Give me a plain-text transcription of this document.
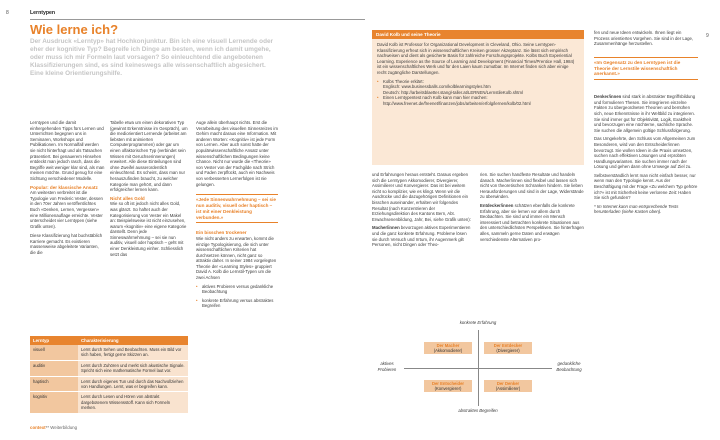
8	Lerntypen
9
Wie lerne ich?
Der Ausdruck «Lerntyp» hat Hochkonjunktur. Bin ich eine visuell Lernende oder eher der kognitive Typ? Begreife ich Dinge am besten, wenn ich damit umgehe, oder muss ich mir Formeln laut vorsagen? So einleuchtend die angebotenen Klassifizierungen sind, es sind keineswegs alle wissenschaftlich abgesichert. Eine kleine Orientierungshilfe.
Lerntypen und die damit einhergehenden Tipps fürs Lernen und Unterrichten begegnen uns in Seminaren, Workshops und Publikationen. Im Normalfall werden sie nicht hinterfragt und als Tatsachen präsentiert. Bei genauerem Hinsehen entdeckt man jedoch rasch, dass die Begriffe weit weniger klar sind, als man meinen möchte. Grund genug für eine Sichtung verschiedener Modelle.
Popular: der klassische Ansatz
Am weitesten verbreitet ist die Typologie von Frederic Vester, dessen in den 70er Jahren veröffentlichtes Buch «Denken, Lernen, Vergessen» eine Millionenauflage erreichte. Vester unterscheidet vier Lerntypen (siehe Grafik unten).
Diese Klassifizierung hat buchstäblich Karriere gemacht. Es existieren massenweise abgeleitete Varianten, die die
Tabelle etwa um einen dekorativen Typ (gewinnt Erkenntnisse im Gespräch), um die mediorientiert Lernende (arbeitet am liebsten mit animierten Computerprogrammen) oder gar um einen olfaktorischen Typ (verbindet sein Wissen mit Geruchserinnerungen) erweitert. Alle diese Einteilungen sind ohne Zweifel ausserordentlich einleuchtend. Es scheint, dass man nur herauszufinden braucht, zu welcher Kategorie man gehört, und dann erfolgreicher lernen kann.
Nicht alles Gold
Wie so oft ist jedoch nicht alles Gold, was glänzt. So haftet auch der Kategorisierung von Vester ein Makel an: Beispielsweise ist nicht einzusehen, warum «kognitiv» eine eigene Kategorie darstellt. Denn jede Sinneswahrnehmung – sei sie nun auditiv, visuell oder haptisch – geht mit einer Denkleistung einher. Schliesslich setzt das
Auge allein überhaupt nichts. Erst die Verarbeitung des visuellen Sinnesreizes im Gehirn macht daraus eine Information. Mit anderen Worten: «Kognitiv» ist jede Form von Lernen. Aber auch sonst hatte der populärwissenschaftliche Ansatz unter wissenschaftlichen Bedingungen keine Chance. Nicht nur wurde die «Theorie» von Vester von der Fachgilde nach Strich und Faden zerpflückt, auch ein Nachweis von verbesserten Lernerfolgen ist nie gelungen.
«Jede Sinneswahrnehmung – sei sie nun auditiv, visuell oder haptisch – ist mit einer Denkleistung verbunden.»
Ein bisschen trockener
Wie nicht anders zu erwarten, kommt die einzige Typologisierung, die sich unter wissenschaftlichen Kriterien hat durchsetzen können, nicht ganz so attraktiv daher. In seiner 1984 vorgelegten Theorie der «Learning Styles» gruppiert David A. Kolb die Lernstil-Typen um die zwei Achsen
• aktives Probieren versus gedankliche Beobachtung
• konkrete Erfahrung versus abstraktes Begreifen
Lerntyp	Charakterisierung
visuell	Lernt durch Sehen und Beobachten. Muss ein Bild vor sich haben, fertigt gerne Skizzen an.
auditiv	Lernt durch Zuhören und merkt sich akustische Signale. Spricht sich eine mathematische Formel laut vor.
haptisch	Lernt durch eigenes Tun und durch das Nachvollziehen von Handlungen. Lernt, was er begreifen kann.
kognitiv	Lernt durch Lesen und Hören von abstrakt dargebotenem Wissensstoff. Kann sich Formeln merken.
David Kolb und seine Theorie
David Kolb ist Professor for Organizational Development in Cleveland, Ohio. Seine Lerntypen-Klassifizierung erfreut sich in wissenschaftlichen Kreisen grosser Akzeptanz. Sie lässt sich empirisch nachweisen und dient als gesicherte Basis für zahlreiche Forschungsprojekte. Kolbs Buch Experiential Learning. Experience as the Source of Learning and Development (Financial Times/Prentice Hall, 1984) ist ein wissenschaftliches Werk und für den Laien kaum zumutbar. Im Internet finden sich aber einige recht zugängliche Darstellungen.
• Kolbs Theorie erklärt:
Englisch: www.businessballs.com/kolblearningstyles.htm
Deutsch: http://arbeitsblaetter.stangl-taller.at/LERNEN/LernstileKolb.shtml
• Einen Lerntypentest nach Kolb kann man hier machen: http://www.freenet.de/freenet/finanzen/jobs/arbeiten/erfolg/lernen/kolb/02.html
und Erfahrungen heraus entsteht. Daraus ergeben sich die Lerntypen Akkomodierer, Divergierer, Assimilierer und Konvergierer. Das ist bei weitem nicht so komplizier, wie es klingt. Wenn wir die Ausdrücke und die dazugehörigen Definitionen ein bisschen auseinander, erhalten wir folgendes Resultat (nach Konzentrieren der Erziehungsdirektion des Kantons Bern, Abt. Erwachsenenbildung, Jahr, Bei, siehe Grafik unten):
Macher/innen bevorzugen aktives Experimentieren und die ganz konkrete Erfahrung. Probleme lösen sie durch Versuch und Irrtum, ihr Augenmerk gilt Personen, nicht Dingen oder Theo-
rien. Sie suchen handfeste Resultate und handeln danach. Macher/innen sind flexibel und lassen sich nicht von theoretischen Schranken hindern. Sie lieben Herausforderungen und sind in der Lage, Widerstände zu überwinden.
Entdecker/innen schätzen ebenfalls die konkrete Erfahrung, aber sie lernen vor allem durch Beobachten. Sie sind und immer ein Mensch interessiert und betrachten konkrete Situationen aus den unterschiedlichsten Perspektiven. Sie hinterfragen alles, sammeln gerne Daten und erwägen verschiedenste Alternativen pro-
konkrete Erfahrung
abstraktes Begreifen
aktives Probieren
gedankliche Beobachtung
Der Macher
(Akkomodierer)
Der Entdecker
(Divergierer)
Der Entscheider
(Konvergierer)
Der Denker
(Assimilierer)
fen und neue Ideen entwickeln. Ihnen liegt ein Prozess orientiertes Vorgehen. Sie sind in der Lage, Zusammenhänge herzustellen.
«Im Gegensatz zu den Lerntypen ist die Theorie der Lernstile wissenschaftlich anerkannt.»
Denker/innen sind stark in abstrakter Begriffsbildung und formulieren Thesen. Sie integrieren einzelne Fakten zu übergeordneten Theorien und bemühen sich, neue Erkenntnisse in ihr Weltbild zu integrieren. Sie sind immer gut für Objektivität, Logik, Exaktheit und bevorzugen eine nüchterne, sachliche Sprache. Sie suchen die allgemein gültige Schlussfolgerung.
Das Umgekehrte, den Schluss vom Allgemeinen zum Besonderen, wird von den Entscheider/innen bevorzugt. Sie wollen Ideen in die Praxis umsetzen, suchen nach effektiven Lösungen und erprobten Handlungsvarianten. Sie suchen immer nach der Lösung und gehen dann ohne Umwege auf Ziel zu.
Selbstverständlich lernt man nicht einfach besser, nur wenn man den Typologie kennt. Aus der Beschäftigung mit der Frage «Zu welchem Typ gehöre ich?» ist mit Sicherheit keine verlorene Zeit: Haben Sie sich gefunden?
* Im Internet kann man entsprechende Tests herunterladen (siehe Kasten oben).
context** Weiterbildung
